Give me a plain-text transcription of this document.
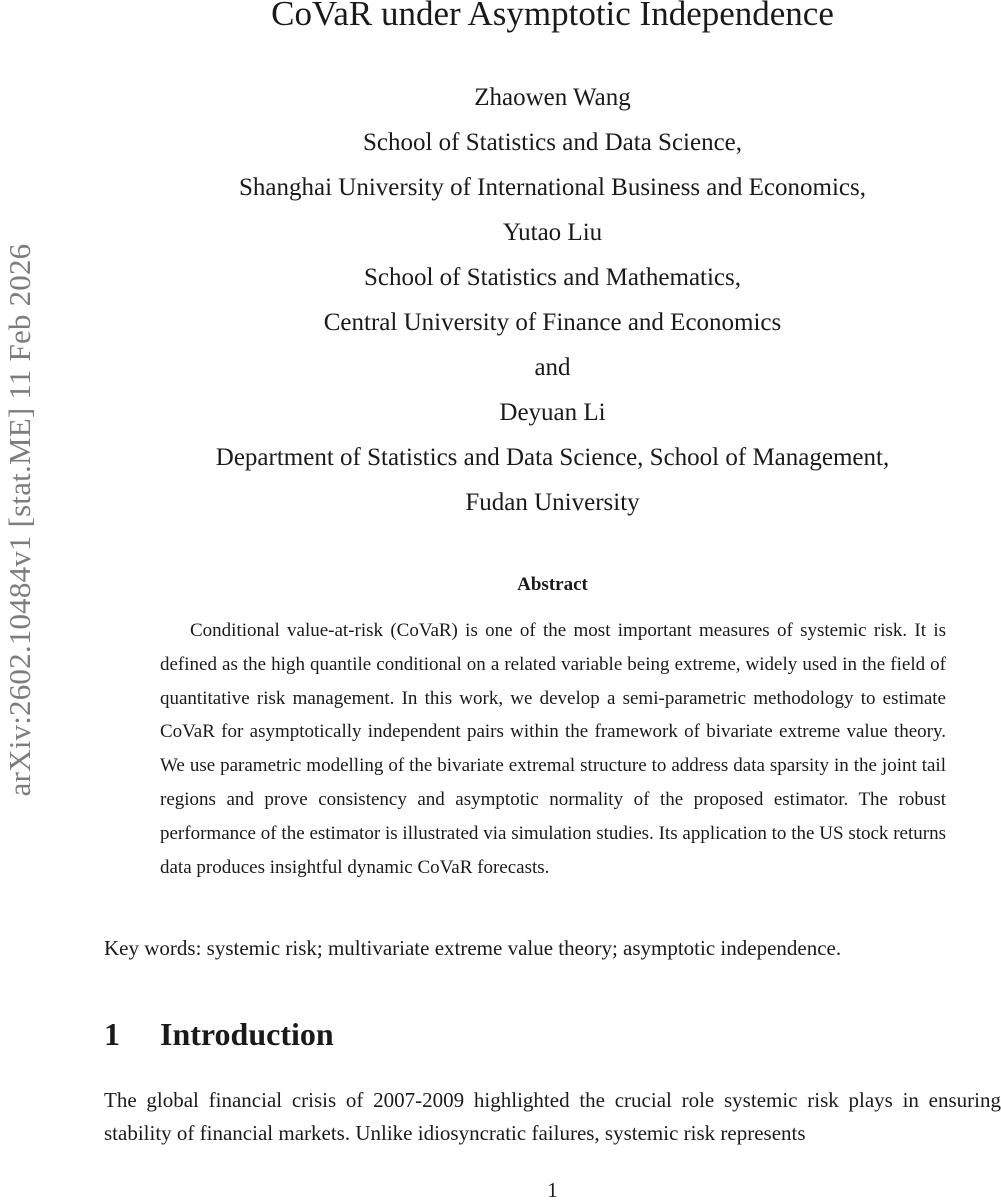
arXiv:2602.10484v1 [stat.ME] 11 Feb 2026
CoVaR under Asymptotic Independence
Zhaowen Wang
School of Statistics and Data Science,
Shanghai University of International Business and Economics,
Yutao Liu
School of Statistics and Mathematics,
Central University of Finance and Economics
and
Deyuan Li
Department of Statistics and Data Science, School of Management,
Fudan University
Abstract

Conditional value-at-risk (CoVaR) is one of the most important measures of systemic risk. It is defined as the high quantile conditional on a related variable being extreme, widely used in the field of quantitative risk management. In this work, we develop a semi-parametric methodology to estimate CoVaR for asymptotically independent pairs within the framework of bivariate extreme value theory. We use parametric modelling of the bivariate extremal structure to address data sparsity in the joint tail regions and prove consistency and asymptotic normality of the proposed estimator. The robust performance of the estimator is illustrated via simulation studies. Its application to the US stock returns data produces insightful dynamic CoVaR forecasts.

Key words: systemic risk; multivariate extreme value theory; asymptotic independence.

1 Introduction

The global financial crisis of 2007-2009 highlighted the crucial role systemic risk plays in ensuring stability of financial markets. Unlike idiosyncratic failures, systemic risk represents

1
